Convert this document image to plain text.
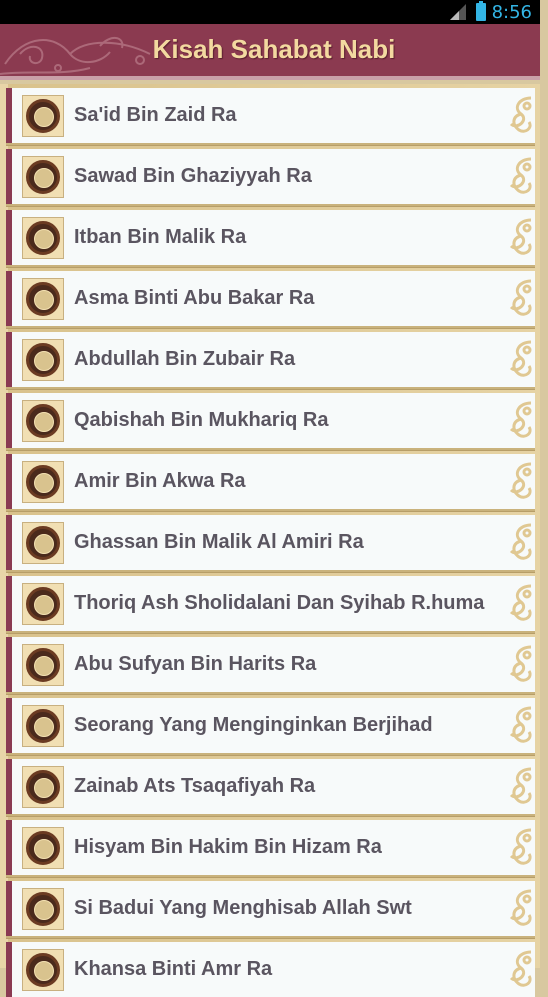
8:56
Kisah Sahabat Nabi
Sa'id Bin Zaid Ra
Sawad Bin Ghaziyyah Ra
Itban Bin Malik Ra
Asma Binti Abu Bakar Ra
Abdullah Bin Zubair Ra
Qabishah Bin Mukhariq Ra
Amir Bin Akwa Ra
Ghassan Bin Malik Al Amiri Ra
Thoriq Ash Sholidalani Dan Syihab R.huma
Abu Sufyan Bin Harits Ra
Seorang Yang Menginginkan Berjihad
Zainab Ats Tsaqafiyah Ra
Hisyam Bin Hakim Bin Hizam Ra
Si Badui Yang Menghisab Allah Swt
Khansa Binti Amr Ra
